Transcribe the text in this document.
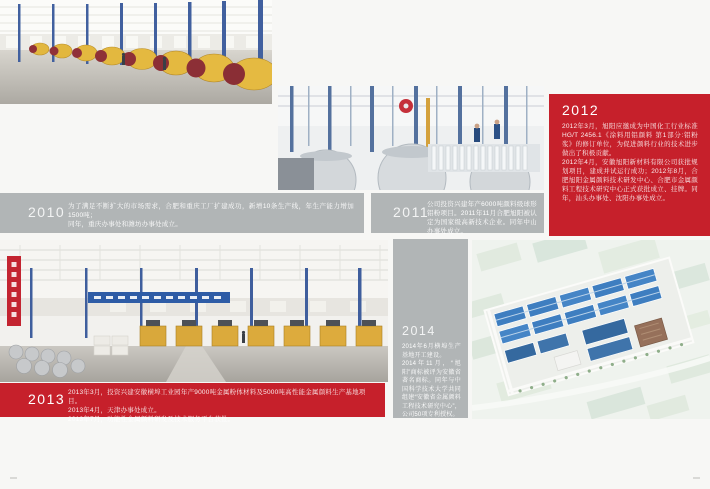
2012

2012年3月，旭阳应邀成为中国化工行业标准HG/T 2456.1《涂料用铝颜料 第1部分:铝粉浆》的修订单位，为促进颜料行业的技术进步做出了积极贡献。

2012年4月，安徽旭阳新材料有限公司获批规划项目，建成并试运行成功；2012年8月，合肥旭阳金属颜料技术研发中心、合肥市金属颜料工程技术研究中心正式获批成立、挂牌。同年，汕头办事处、沈阳办事处成立。

2010 为了满足不断扩大的市场需求，合肥和重庆工厂扩建成功，新增10条生产线，年生产能力增加1500吨；

同年，重庆办事处和潍坊办事处成立。

2011

公司投资兴建年产6000吨颜料级球形铝粉项目。2011年11月合肥旭阳被认定为国家级高新技术企业。同年中山办事处成立。

2013 2013年3月，投资兴建安徽横埠工业园年产9000吨金属粉体材料及5000吨高性能金属颜料生产基地项目。

2013年4月，天津办事处成立。

2013年7月，功能性金属颜料研发及技术服务平台获批。

2014

2014年6月横埠生产基地开工建设。

2014年11月，“旭阳”商标被评为安徽省著名商标。同年与中国科学技术大学共同组建“安徽省金属颜料工程技术研究中心”，公司50项专利授权。
